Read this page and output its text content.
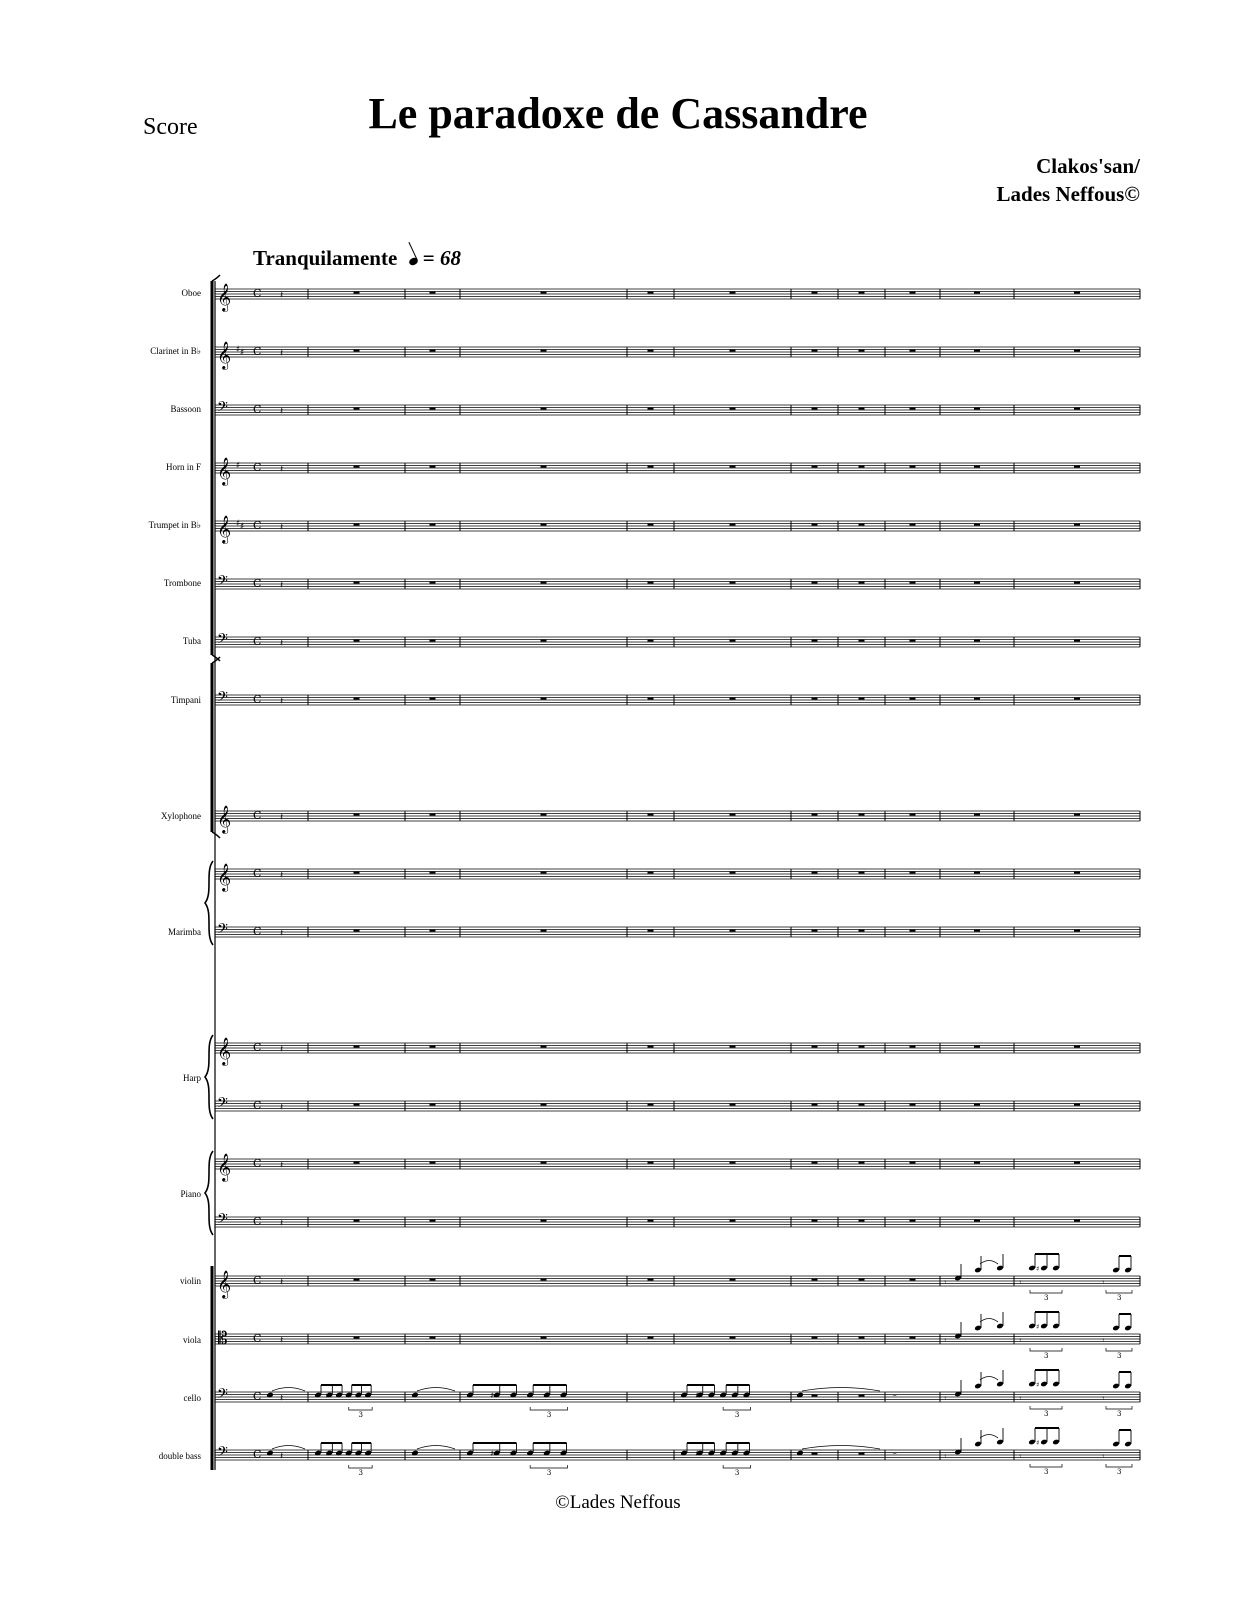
Score	Le paradoxe de Cassandre
Clakos'san/
Lades Neffous©
Tranquilamente = 68
Oboe
Clarinet in B♭
Bassoon
Horn in F
Trumpet in B♭
Trombone
Tuba
Timpani
Xylophone
Marimba
Harp
Piano
violin
viola
cello
double bass
𝄞 C 𝄽
𝄞 ♯ ♯ C 𝄽
𝄢 C 𝄽
𝄞 ♯ C 𝄽
𝄞 ♯ ♯ C 𝄽
𝄢 C 𝄽
𝄢 C 𝄽
𝄢 C 𝄽
𝄞 C 𝄽
𝄞 C 𝄽
𝄢 C 𝄽
𝄞 C 𝄽
𝄢 C 𝄽
𝄞 C 𝄽
𝄢 C 𝄽
𝄞 C 𝄽
𝄡 C 𝄽
𝄢 C 𝄽
𝄢 C 𝄽
3
♯
3
♯
3
♯	𝄼
3
♯
3
♯
3
♯	𝄼
𝄾	𝄾
♯
3
𝄾
3
𝄾	𝄾
♯
3
𝄾
3
𝄾	𝄾
♯
3
𝄾
3
𝄾	𝄾
♯
3
𝄾
3
©Lades Neffous
